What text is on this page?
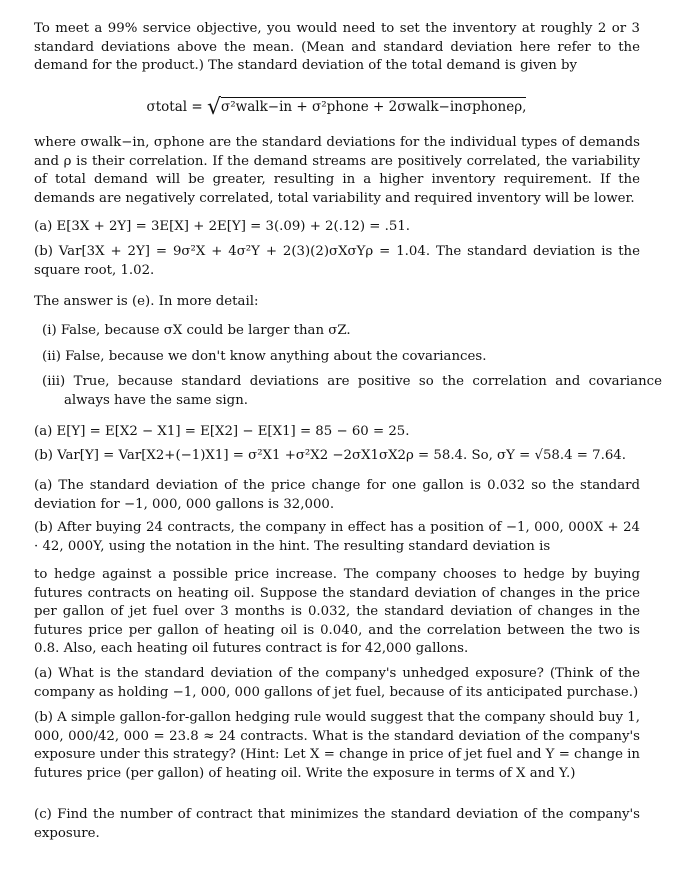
To meet a 99% service objective, you would need to set the inventory at roughly 2 or 3 standard deviations above the mean. (Mean and standard deviation here refer to the demand for the product.) The standard deviation of the total demand is given by

σtotal = √σ²walk−in + σ²phone + 2σwalk−inσphoneρ,

where σwalk−in, σphone are the standard deviations for the individual types of demands and ρ is their correlation. If the demand streams are positively correlated, the variability of total demand will be greater, resulting in a higher inventory requirement. If the demands are negatively correlated, total variability and required inventory will be lower.

(a) E[3X + 2Y] = 3E[X] + 2E[Y] = 3(.09) + 2(.12) = .51.

(b) Var[3X + 2Y] = 9σ²X + 4σ²Y + 2(3)(2)σXσYρ = 1.04. The standard deviation is the square root, 1.02.

The answer is (e). In more detail:

(i) False, because σX could be larger than σZ.

(ii) False, because we don't know anything about the covariances.

(iii) True, because standard deviations are positive so the correlation and covariance always have the same sign.

(a) E[Y] = E[X2 − X1] = E[X2] − E[X1] = 85 − 60 = 25.

(b) Var[Y] = Var[X2+(−1)X1] = σ²X1 +σ²X2 −2σX1σX2ρ = 58.4. So, σY = √58.4 = 7.64.

(a) The standard deviation of the price change for one gallon is 0.032 so the standard deviation for −1, 000, 000 gallons is 32,000.

(b) After buying 24 contracts, the company in effect has a position of −1, 000, 000X + 24 · 42, 000Y, using the notation in the hint. The resulting standard deviation is

to hedge against a possible price increase. The company chooses to hedge by buying futures contracts on heating oil. Suppose the standard deviation of changes in the price per gallon of jet fuel over 3 months is 0.032, the standard deviation of changes in the futures price per gallon of heating oil is 0.040, and the correlation between the two is 0.8. Also, each heating oil futures contract is for 42,000 gallons.

(a) What is the standard deviation of the company's unhedged exposure? (Think of the company as holding −1, 000, 000 gallons of jet fuel, because of its anticipated purchase.)

(b) A simple gallon-for-gallon hedging rule would suggest that the company should buy 1, 000, 000/42, 000 = 23.8 ≈ 24 contracts. What is the standard deviation of the company's exposure under this strategy? (Hint: Let X = change in price of jet fuel and Y = change in futures price (per gallon) of heating oil. Write the exposure in terms of X and Y.)

(c) Find the number of contract that minimizes the standard deviation of the company's exposure.
